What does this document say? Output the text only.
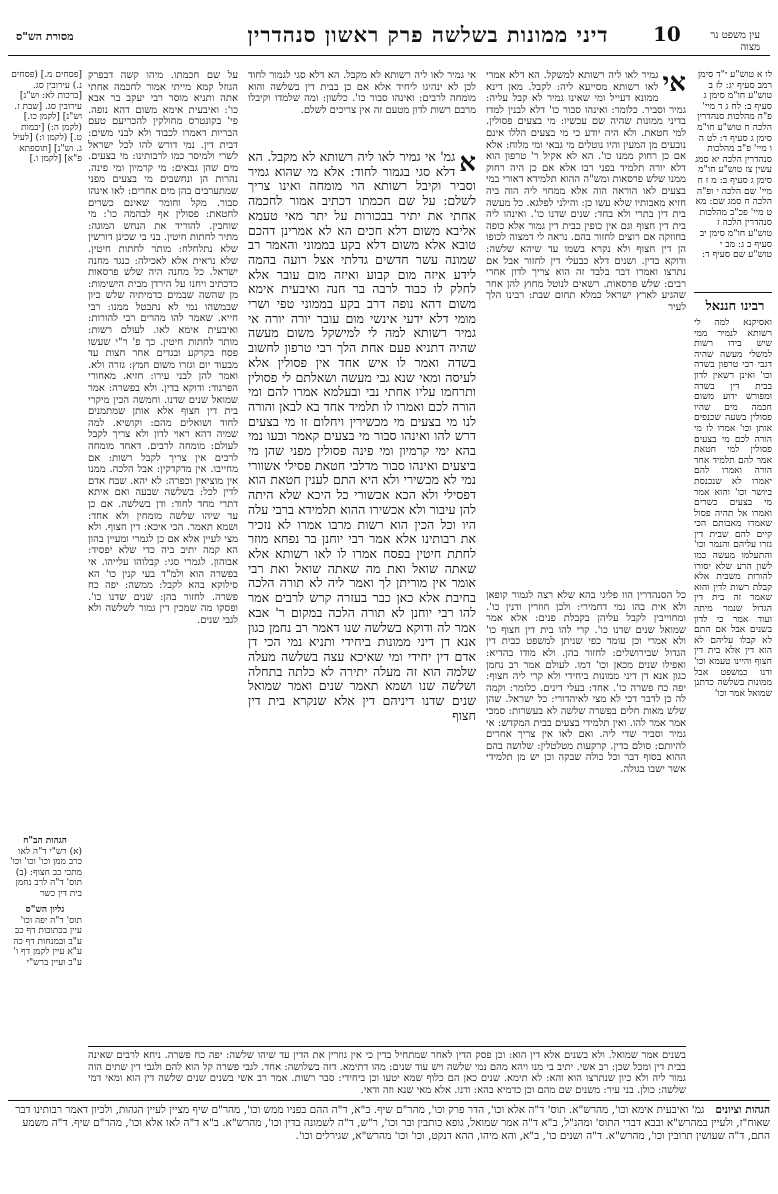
מסורת הש"ס	דיני ממונות בשלשה פרק ראשון סנהדרין	10	עין משפט נר מצוה

אי גמיר לאו ליה רשותא לא מקבל. הא דלא סגי לגמור לחוד לכן לא ינהיגו ליחיד אלא אם כן בבית דין בשלשה והוא מומחה לרבים: ואינהו סבור כו'. כלשון: ומה שלמדו וקיבלו מרבם רשות לדון מטעם זה אין צריכים לשלם.

א

גמ' אי גמיר לאו ליה רשותא לא מקבל. הא דלא סגי בגמור לחוד: אלא מי שהוא גמיר וסביר וקיבל רשותא הוי מומחה ואינו צריך לשלם: על שם חכמתו דכתיב אמור לחכמה אחתי את יתיר בבכורות על יתר מאי טעמא אליבא משום דלא חכים הא לא אמרינן דהכם טובא אלא משום דלא בקע בממוני והאמר רב שמונה עשר חדשים גדלתי אצל רועה בהמה לידע איזה מום קבוע ואיזה מום עובר אלא לחלק לו כבוד לרבה בר חנה ואיבעית אימא משום דהא נופה דרב בקע בממוני טפי ושרי מומי דלא ידעי אינשי מום עובר יורה יורה אי גמיר רשותא למה לי למישקל משום מעשה שהיה דתניא פעם אחת הלך רבי טרפון לחשוב בשדה ואמר לו איש אחד אין פסולין אלא לעיסה ומאי שנא גבי מעשה ושאלתם לי פסולין ותרחמו עליו אחתי נבי ובעלמא אמרו להם ומי הורה לכם ואמרו לו תלמיד אחד בא לבאן והורה לנו מי בצעים מי מכשירין ויחלום זו מי בצעים דרש להו ואינהו סבור מי בצעים קאמר ובעו נמי בהא ימי קרמיון ומי פינה פסולין מפני שהן מי ביצעים ואינהו סבור מדלבי חטאת פסילי אשוורי נמי לא מכשירי ולא היא התם לענין חטאת הוא דפסילי ולא הכא אכשורי כל היכא שלא היתה להן עיבור ולא אכשירו ההוא תלמידא ברבי עלה היו וכל הכין הוא רשות מרבו אמרו לא נזכיר את רבותינו אלא אמר רבי יוחנן בר נפחא מוזר לחתת חיטין בפסח אמרו לו לאו רשותא אלא שאתה שואל ואת מה שאתה שואל ואת רבי אומר אין מוריתן לך ואמר ליה לא תורה הלכה בחיבת אלא כאן כבר בעזרה קרש לרבים אמר להו רבי יוחנן לא תורה הלכה במקום ר' אבא אמר לה ודוקא בשלשה שנו דאמר רב נחמן כגון אנא דן דיני ממונות ביחידי ותניא נמי הכי דן אדם דין יחידי ומי שאיכא עצה בשלשה מעלה שלמה הוא זה מעלה יתירה לא כלתה בתחלה ושלשה שנו ושמא תאמר שנים ואמר שמואל שנים שדנו דיניהם דין אלא שנקרא בית דין חצוף

אי

גמיר לאו ליה רשותא למשקל. הא דלא אמרי לאו רשותא מסייעא ליה: לקבל. מאן דינא ממונא דעייל ומי שאינו גמיר לא קבל עליה: גמיר וסביר. כלומר: ואינהו סבור כו' דלא לבנין למדו בדיני ממונות שהיה שם עכשיו: מי בצעים פסולין. למי חטאת. ולא היה יודע כי מי בצעים הללו אינם נובעים מן המעין והיו נוטלים מי גבאי ומי מלוח: אלא אם כן רחוק ממנו כו'. הא לא אקיל ר' טרפון הוא דלא יורה תלמיד בפני רבו אלא אם כן היה רחוק ממנו שלש פרסאות ומש"ה ההוא תלמידא דאורי במי בצעים לאו הוראה הוה אלא ממחוי ליה הוה ביה חזיא מאבותיו שלא עשו כן: והילני לפלגא. כל מעשה בית דין בתרי ולא בחד: שנים שדנו כו'. ואינהו ליה בית דין חצוף וגם אין כופין כבית דין גמור אלא כופה בחוזקה אם רוצים לחזור בהם. נראה לי דמצוה לכופו הן דין חצוף ולא נקרא בשמו עד שיהא שלשה: ודוקא בדין. ושנים דלא כבעלי דין לחזור אבל אם נתרצו ואמרו דבר בלבד זה הוא צריך לדון אחרי רבים: שלש פרסאות. רשאים לנוטל מחוץ להן אחר שהגיע לארץ ישראל כמלא תחום שבת: רבינו הלך לעיר

כל הסנהדרין הוו פליגי בהא שלא רצה לגמור קופאן ולא אית בהו נמי דחמירי: ולכן חוזרין ודנין כו'. ומחוייבין לקבל עליהן בקבלת פנים: אלא אמר שמואל שנים שדנו כו'. קרי להו בית דין חצוף כו' ולא אמרי וכן עומד כפי שניתן למשפט כבית דין הגדול שבירושלים: לחזור בהן. ולא מודו בהדיא: ואפילו שנים מכאן וכו' דמו. לעולם אמר רב נחמן כגון אנא דן דיני ממונות ביחידי ולא קרי ליה חצוף: יפה כח פשרה כו'. אחד: בעלי דינים. כלומר: וקמה לה כן לדבר דכי לא מצי לאיהדורי: כל ישראל. שהן שלש מאות חלים בפשרה שלשה לא בעשרות: סמכי אמר אמר להו. ואין תלמידי בצעים בבית המקדש: אי גמיר וסביר שדי ליה. ואם לאו אין צריך אחרים להיותם: סולם בדין. קרקעות מטלטלין: שלושה בהם ההוא בסוף דבר וכל כולה שבקה וכן יש מן תלמידי אשר ישבו בגולה.

על שם חכמתו. מיהו קשה דבפרק הגוזל קמא מייתי אמור לחכמה אחתי אתה ותניא מוסר רבי יעקב בר אבא כו': ואיבעית אימא משום דהא נופה. פי' בקונטרס מחולקין להכריעם טעם הבריות דאמרו לכבוד ולא לבני משים: דבית דין. נמי דורש להו לכל ישראל לשרי ולמיסר כמו לרבותינו: מי בצעים. מים שהן גבאים: מי קרמיון ומי פינה. נהרות הן ונחשבים מי בצעים מפני שמתערבים בהן מים אחרים: לאו אינהו סבור. מקל וחומר שאינם כשרים לחטאת: פסולין אף לבהמה כו': מי שוחבין. להוריד את הנחש המוגה: מתיר לחתות חיטין. בני בי שכינן דורשין שלא נתלחלח: מותר לחתות חיטין. שלא נראית אלא לאכילה: כנגד מחנה ישראל. כל מחנה היה שלש פרסאות כדכתיב ויחנו על הירדן מבית הישימות: מן שהשה שבמים כדמיתיה שלש כיון שבמשהו נמי לא נתבטל ממנו: רבי חייא. שאמר להו מהרים רבי להורות: ואיבעית אימא לאו. לעולם רשות: מותר לחתות חיטין. כך פ' ר"י שעשו פסח בקרקע ובגדים אחר חצות עד מבעוד יום וגזרו משום חמץ: גזרה ולא. ואמר להן לבני עירו: חזיא. מאחורי הפרגוד: ודוקא בדין. ולא בפשרה: אמר שמואל שנים שדנו. וחמשה הכין מיקרי בית דין חצוף אלא אותן שמתמנים לחוד ושואלים מהם: וקושיא. למה שמיה דהא ראוי לדון ולא צריך לקבל לעולם: מומחה לרבים. דאחד מומחה לרבים אין צריך לקבל רשות: אם מחייבו. אין מדקדקין: אבל הלכה. ממנו אין מוציאין וכפרה: לא יהא. שבח אדם לדין לכל: בשלשה שבעה ואם איתא דתרי מחד לחוד: ודן בשלשה. אם כן עד שיהו שלשה מומחין ולא אחד: ושמא תאמר. הכי איכא: דין חצוף. ולא מצי לעיין אלא אם כן לגמרי ומעיין בהון הא קמה יתיב ביה כדי שלא יפסיד: אבוהון. לגמרי סגי: קבלוהו עלייהו. אי בפשרה הוא ולמ"ד בעי קנין כו' הא סילוקא בהא לקבל: ממשה: יפה כח פשרה. לחזור בהן: שנים שדנו כו'. ופסקו מה שמכין דין גמור לשלשה ולא לגבי שנים.

בשנים אמר שמואל. ולא בשנים אלא דין הוא: וכן פסק הדין לאחר שמתחיל בדין כי אין גוזרין את הדין עד שיהו שלשה: יפה כח פשרה. ניחא לרבים שאינה בבית דין ומכל שכן: רב אשי. יתיב בי מנו ויהא מהם נמי שלשה ויש עוד שנים: מהו דתימא. דזה בשלושה: אחד. לגבי פשרה קל הוא להם ולגבי דין שתים הוה גמור ליה ולא כיון שנתרצו הוא והא: לא תימא. שנים כאן הם כלוף שמא יטעו וכן ביחידי: סבר רשות. אמר רב אשי בשנים שנים שלשה דין הוא ומאי דמי שלשה: כולן. בני עיר: משנים שם מהם וכן כדמיא בהא: ודנו. אלא מאי שנא וזה ודאי.

לו א טוש"ע י"ד סימן רמב סעיף יג: לז ב טוש"ע חו"מ סימן ג סעיף ב: לח ג ד מיי' פ"ה מהלכות סנהדרין הלכה ח טוש"ע חו"מ סימן ג סעיף ד: לט ה ו מיי' פ"ב מהלכות סנהדרין הלכה יא סמג עשין צז טוש"ע חו"מ סימן ג סעיף ב: מ ז ח מיי' שם הלכה י ופ"ה הלכה ח סמג שם: מא ט מיי' פכ"ב מהלכות סנהדרין הלכה ז טוש"ע חו"מ סימן יב סעיף ב ג: מב י טוש"ע שם סעיף ד:

רבינו חננאל

ואסיקנא למה לי רשותא לנמיר ממי שיש בידו רשות למשלי מעשה שהיה דגבי רבי טרפון בשדה וכו' ואינן רשאין לדון בבית דין בשדה ומפורש ידוע משום חכמה מים שהיו פסולין בשעה שכנפים אותן וכו' אמרו לו מי הורה לכם מי בצעים פסולין למי חטאת אמר להם תלמיד אחד הורה ואמרו להם יאמרו לא שנכנסת ביושר וכו' והוא אמר מי בצעים כשרים ואמרו אל תהיה פסול שאמרו מאבותם הכי קיים להם שבית דין גזרו עליהם והנמר וכו' והתעלמו מעשה כמו לשון הרע שלא יסורו להורות משבית אלא קבלת רשות לדין והוא שאמר זה בית דין הגדול שנמר מיתה ועוד אמר כי לדון בשנים אבל אם התם לא קבלו עליהם לא הוא דין אלא בית דין חצוף והיינו טעמא וכו' ודנו כמשפט אבל ממונות בשלשה כדתנן שמואל אמר וכו'

[פסחים מ.] (פסחים נ.) עירובין סג. [ברכות לא: וש"נ] עירובין סג. [שבת ז. וש"נ] [לקמן כו.] (לקמן ה:) [יבמות ט.] (לקמן ו:) [לעיל ג. וש"נ] [תוספתא פ"א] [לקמן ו.]

הגהות הב"ח

(א) רש"י ד"ה לאו כרב ממן וכו' וכו' וכו' מתכי כב חצוף: (ב) תוס' ד"ה לרב נחמן בית דין כשר

גליון הש"ס

תוס' ד"ה יפה וכו' עיין בכתובות דף כב ע"ב ובמנחות דף כה ע"א עיין לקמן דף ו' ע"ב ועיין ברש"י

הגהות וציונים   גמ' ואיבעית אימא וכו', מהרש"א. תוס' ד"ה אלא וכו', הדר פרק וכו', מהר"ם שיף. ב"א, ד"ה ההם בפניו ממש וכו', מהר"ם שיף מציין לעיין הגהות, ולכיון דאמר רבותינו דבר שאוח"ז, ולעיין במהרש"א ובבא דברי התוס' ומהנ"ל, ב"א ד"ה אמר שמואל, גופא כותבין ובר וכו', ר"ש, ד"ה לשמונה בדין וכו', מהרש"א. ב"א ד"ה לאו אלא וכו', מהר"ם שיף. ד"ה משמע התם, ד"ה שעושין תרובין וכו', מהרש"א. ד"ה ושנים כו', ב"א, והא מיהו, ההא דנקט, וכו' וכו' מהרש"א, שגירלים וכו'.
